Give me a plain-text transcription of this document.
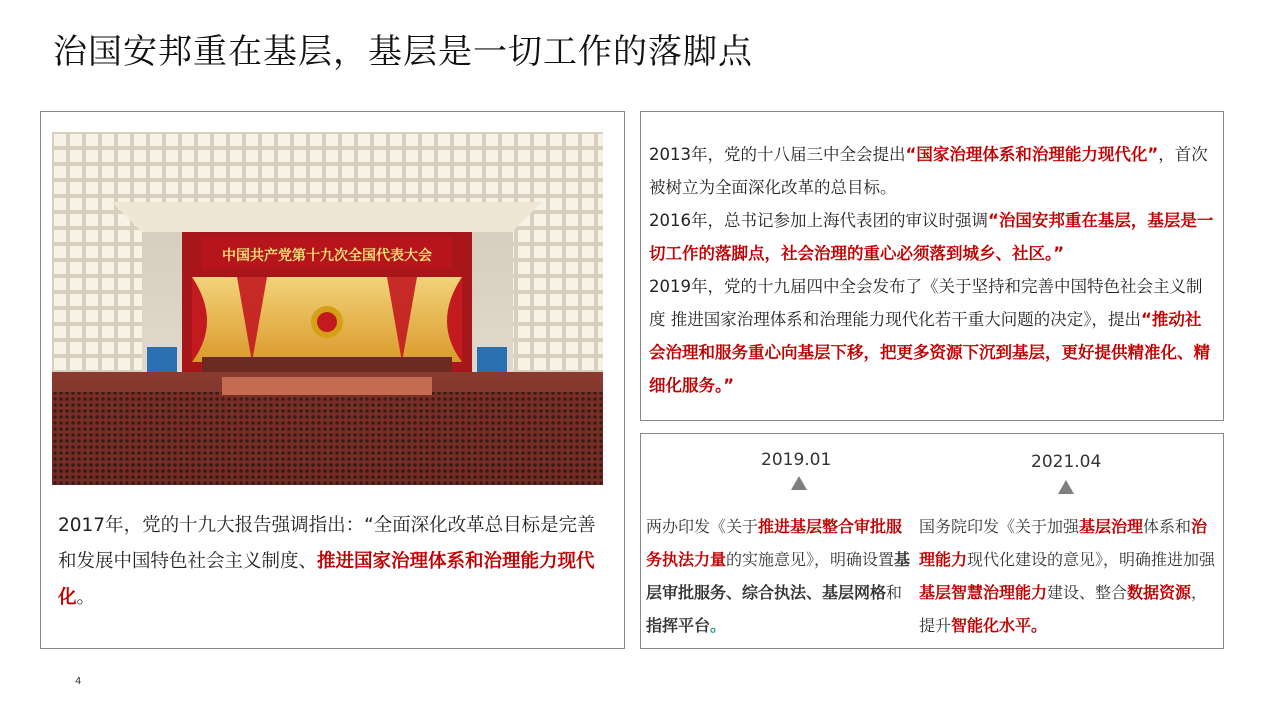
治国安邦重在基层，基层是一切工作的落脚点
中国共产党第十九次全国代表大会
2017年，党的十九大报告强调指出：“全面深化改革总目标是完善和发展中国特色社会主义制度、推进国家治理体系和治理能力现代化。

2013年，党的十八届三中全会提出“国家治理体系和治理能力现代化”，首次被树立为全面深化改革的总目标。

2016年，总书记参加上海代表团的审议时强调“治国安邦重在基层，基层是一切工作的落脚点，社会治理的重心必须落到城乡、社区。”

2019年，党的十九届四中全会发布了《关于坚持和完善中国特色社会主义制度 推进国家治理体系和治理能力现代化若干重大问题的决定》，提出“推动社会治理和服务重心向基层下移，把更多资源下沉到基层，更好提供精准化、精细化服务。”

2019.01	2021.04
两办印发《关于推进基层整合审批服务执法力量的实施意见》，明确设置基层审批服务、综合执法、基层网格和指挥平台。
国务院印发《关于加强基层治理体系和治理能力现代化建设的意见》，明确推进加强基层智慧治理能力建设、整合数据资源，提升智能化水平。
4
